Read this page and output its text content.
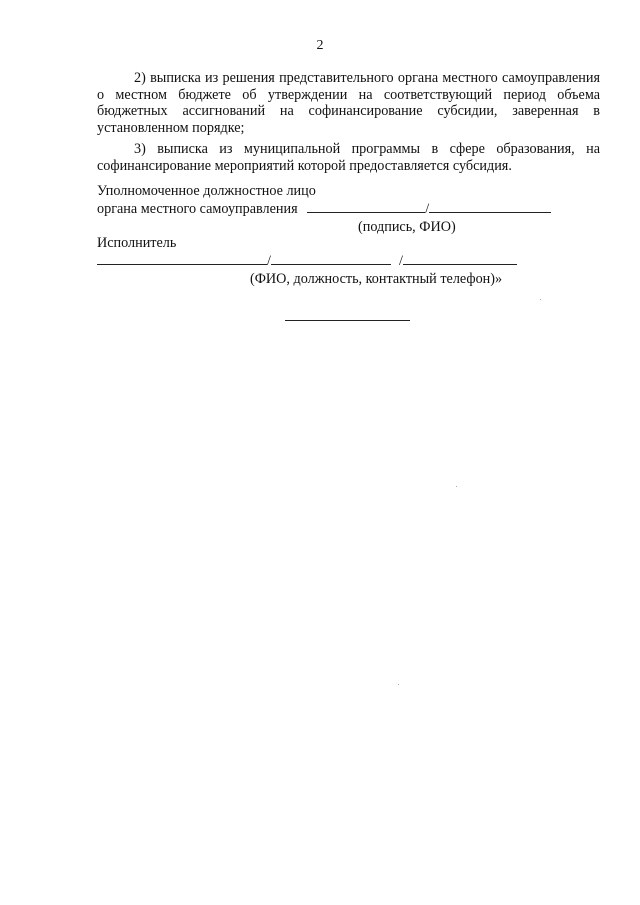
2
2) выписка из решения представительного органа местного самоуправления о местном бюджете об утверждении на соответствующий период объема бюджетных ассигнований на софинансирование субсидии, заверенная в установленном порядке;
3) выписка из муниципальной программы в сфере образования, на софинансирование мероприятий которой предоставляется субсидия.
Уполномоченное должностное лицо
органа местного самоуправления	/
(подпись, ФИО)
Исполнитель
/	/
(ФИО, должность, контактный телефон)»
